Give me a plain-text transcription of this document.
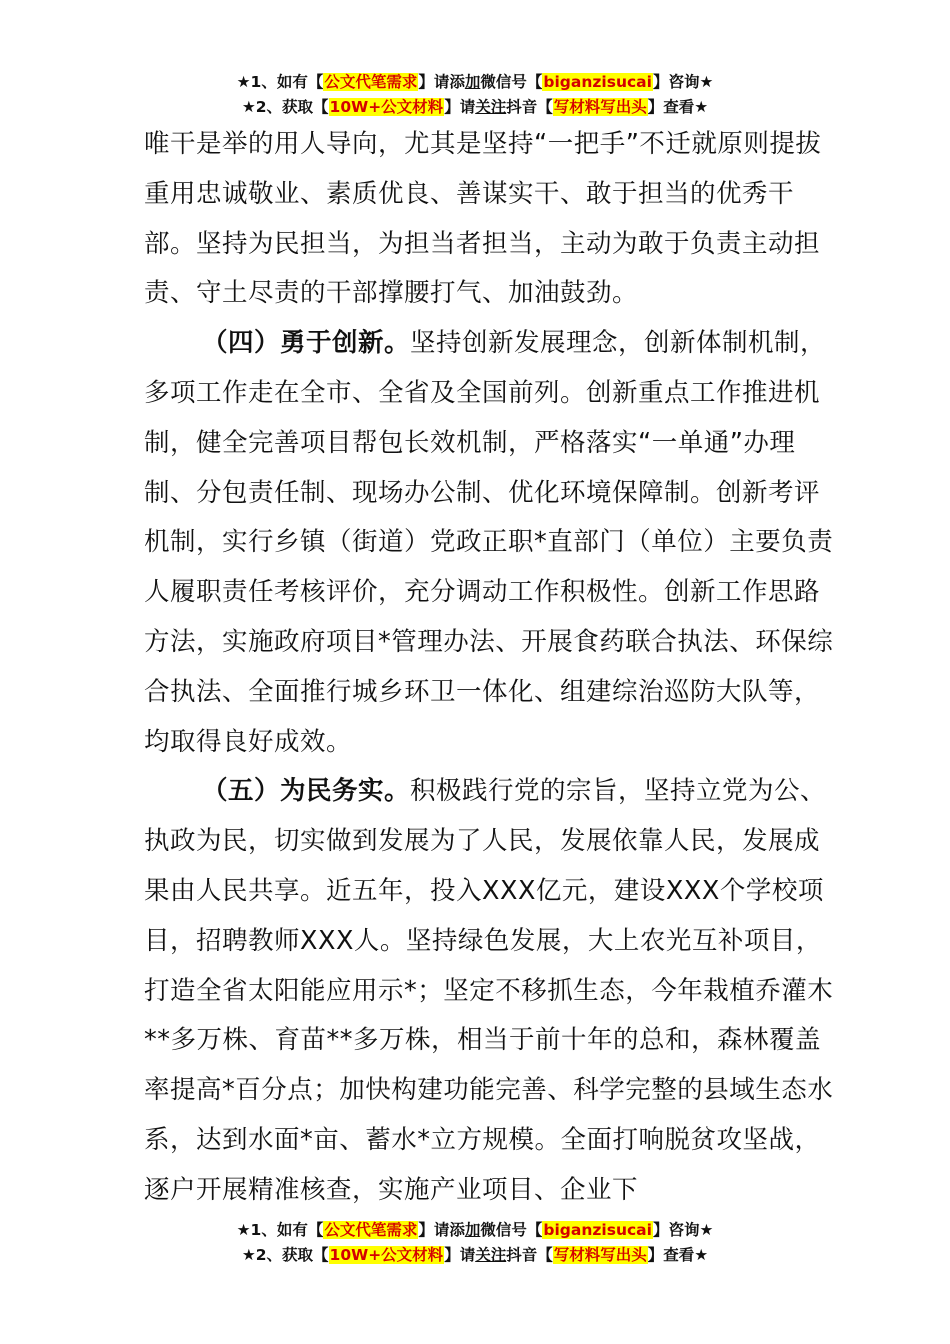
★1、如有【公文代笔需求】请添加微信号【biganzisucai】咨询★
★2、获取【10W+公文材料】请关注抖音【写材料写出头】查看★

唯干是举的用人导向，尤其是坚持“一把手”不迁就原则提拔重用忠诚敬业、素质优良、善谋实干、敢于担当的优秀干部。坚持为民担当，为担当者担当，主动为敢于负责主动担责、守土尽责的干部撑腰打气、加油鼓劲。

（四）勇于创新。坚持创新发展理念，创新体制机制，多项工作走在全市、全省及全国前列。创新重点工作推进机制，健全完善项目帮包长效机制，严格落实“一单通”办理制、分包责任制、现场办公制、优化环境保障制。创新考评机制，实行乡镇（街道）党政正职*直部门（单位）主要负责人履职责任考核评价，充分调动工作积极性。创新工作思路方法，实施政府项目*管理办法、开展食药联合执法、环保综合执法、全面推行城乡环卫一体化、组建综治巡防大队等，均取得良好成效。

（五）为民务实。积极践行党的宗旨，坚持立党为公、执政为民，切实做到发展为了人民，发展依靠人民，发展成果由人民共享。近五年，投入XXX亿元，建设XXX个学校项目，招聘教师XXX人。坚持绿色发展，大上农光互补项目，打造全省太阳能应用示*；坚定不移抓生态，今年栽植乔灌木**多万株、育苗**多万株，相当于前十年的总和，森林覆盖率提高*百分点；加快构建功能完善、科学完整的县域生态水系，达到水面*亩、蓄水*立方规模。全面打响脱贫攻坚战，逐户开展精准核查，实施产业项目、企业下

★1、如有【公文代笔需求】请添加微信号【biganzisucai】咨询★
★2、获取【10W+公文材料】请关注抖音【写材料写出头】查看★
